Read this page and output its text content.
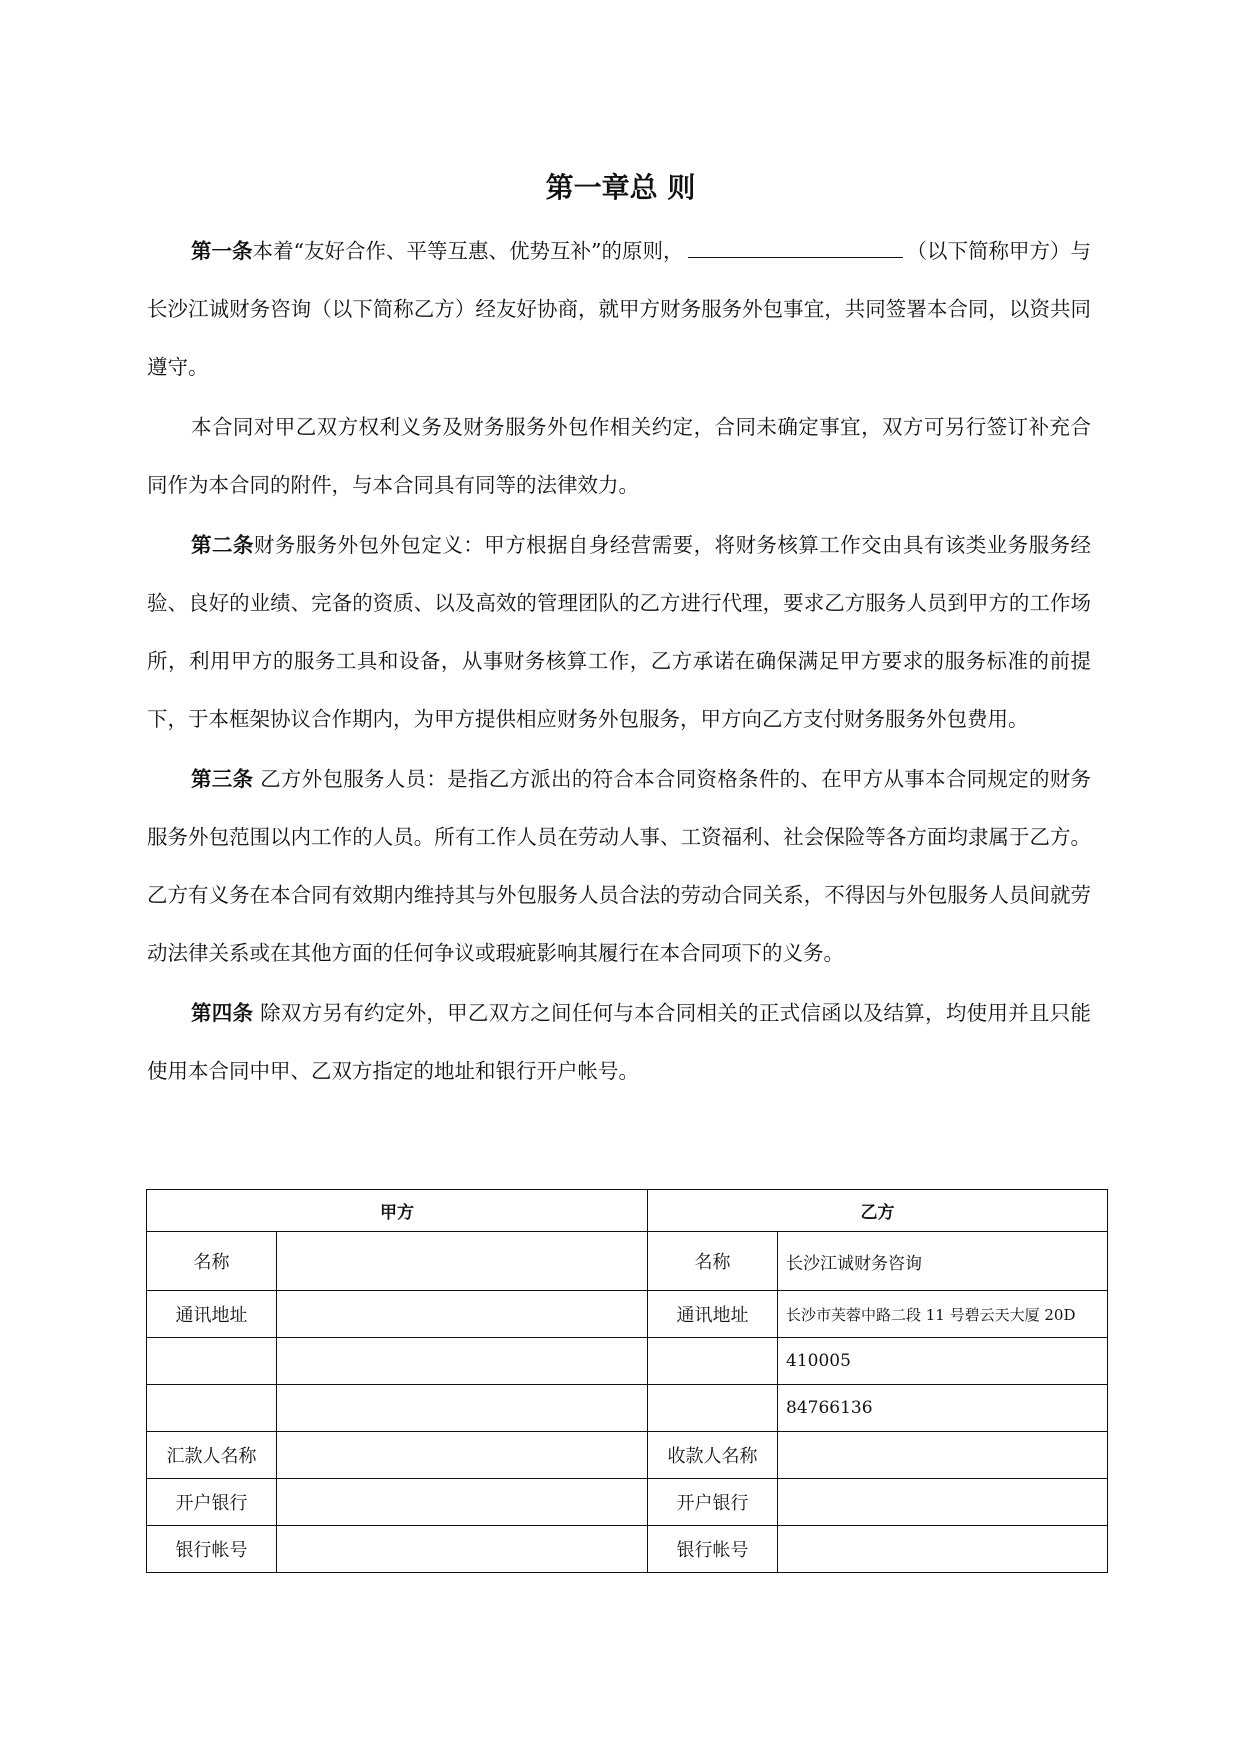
第一章总 则

第一条本着“友好合作、平等互惠、优势互补”的原则，	（以下简称甲方）与长沙江诚财务咨询（以下简称乙方）经友好协商，就甲方财务服务外包事宜，共同签署本合同，以资共同遵守。

本合同对甲乙双方权利义务及财务服务外包作相关约定，合同未确定事宜，双方可另行签订补充合同作为本合同的附件，与本合同具有同等的法律效力。

第二条财务服务外包外包定义：甲方根据自身经营需要，将财务核算工作交由具有该类业务服务经验、良好的业绩、完备的资质、以及高效的管理团队的乙方进行代理，要求乙方服务人员到甲方的工作场所，利用甲方的服务工具和设备，从事财务核算工作，乙方承诺在确保满足甲方要求的服务标准的前提下，于本框架协议合作期内，为甲方提供相应财务外包服务，甲方向乙方支付财务服务外包费用。

第三条 乙方外包服务人员：是指乙方派出的符合本合同资格条件的、在甲方从事本合同规定的财务服务外包范围以内工作的人员。所有工作人员在劳动人事、工资福利、社会保险等各方面均隶属于乙方。乙方有义务在本合同有效期内维持其与外包服务人员合法的劳动合同关系，不得因与外包服务人员间就劳动法律关系或在其他方面的任何争议或瑕疵影响其履行在本合同项下的义务。

第四条 除双方另有约定外，甲乙双方之间任何与本合同相关的正式信函以及结算，均使用并且只能使用本合同中甲、乙双方指定的地址和银行开户帐号。

甲方		乙方	
名称		名称	长沙江诚财务咨询
通讯地址		通讯地址	长沙市芙蓉中路二段 11 号碧云天大厦 20D
			410005
			84766136
汇款人名称		收款人名称	
开户银行		开户银行	
银行帐号		银行帐号	
